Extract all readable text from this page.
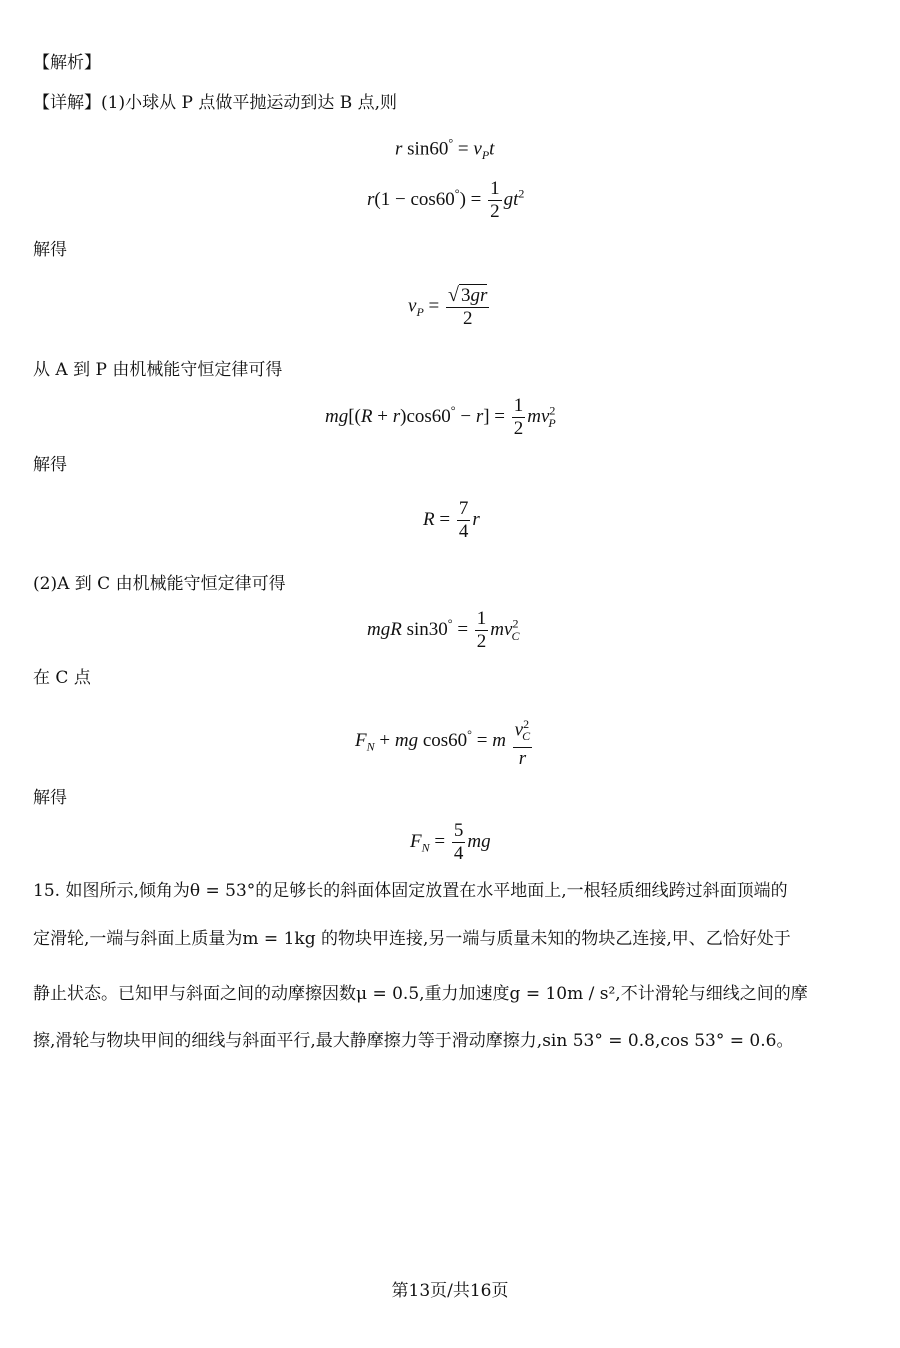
【解析】
【详解】(1)小球从 P 点做平抛运动到达 B 点,则
r $\sin 60^\circ = v_Pt$
$r(1 - \cos 60^\circ) = \frac{1}{2} gt^2$
解得
$v_P = \frac{√ 3gr}{2}$
从 A 到 P 由机械能守恒定律可得
$mg[(R + r)\cos 60^\circ - r] = \frac{1}{2} mv^2_P$
解得
$R = \frac{7}{4}$ r
(2)A 到 C 由机械能守恒定律可得
mgR $\sin 30^\circ = \frac{1}{2} mv^2_C$
在 C 点
$F_N$ + mg cos60° = m $\frac{v^2_C}{r}$
解得
$F_N = \frac{5}{4}$ mg
15. 如图所示,倾角为θ = 53°的足够长的斜面体固定放置在水平地面上,一根轻质细线跨过斜面顶端的
定滑轮,一端与斜面上质量为m = 1kg 的物块甲连接,另一端与质量未知的物块乙连接,甲、乙恰好处于
静止状态。已知甲与斜面之间的动摩擦因数μ = 0.5,重力加速度g = 10m / s²,不计滑轮与细线之间的摩
擦,滑轮与物块甲间的细线与斜面平行,最大静摩擦力等于滑动摩擦力,sin 53° = 0.8,cos 53° = 0.6。
第13页/共16页
